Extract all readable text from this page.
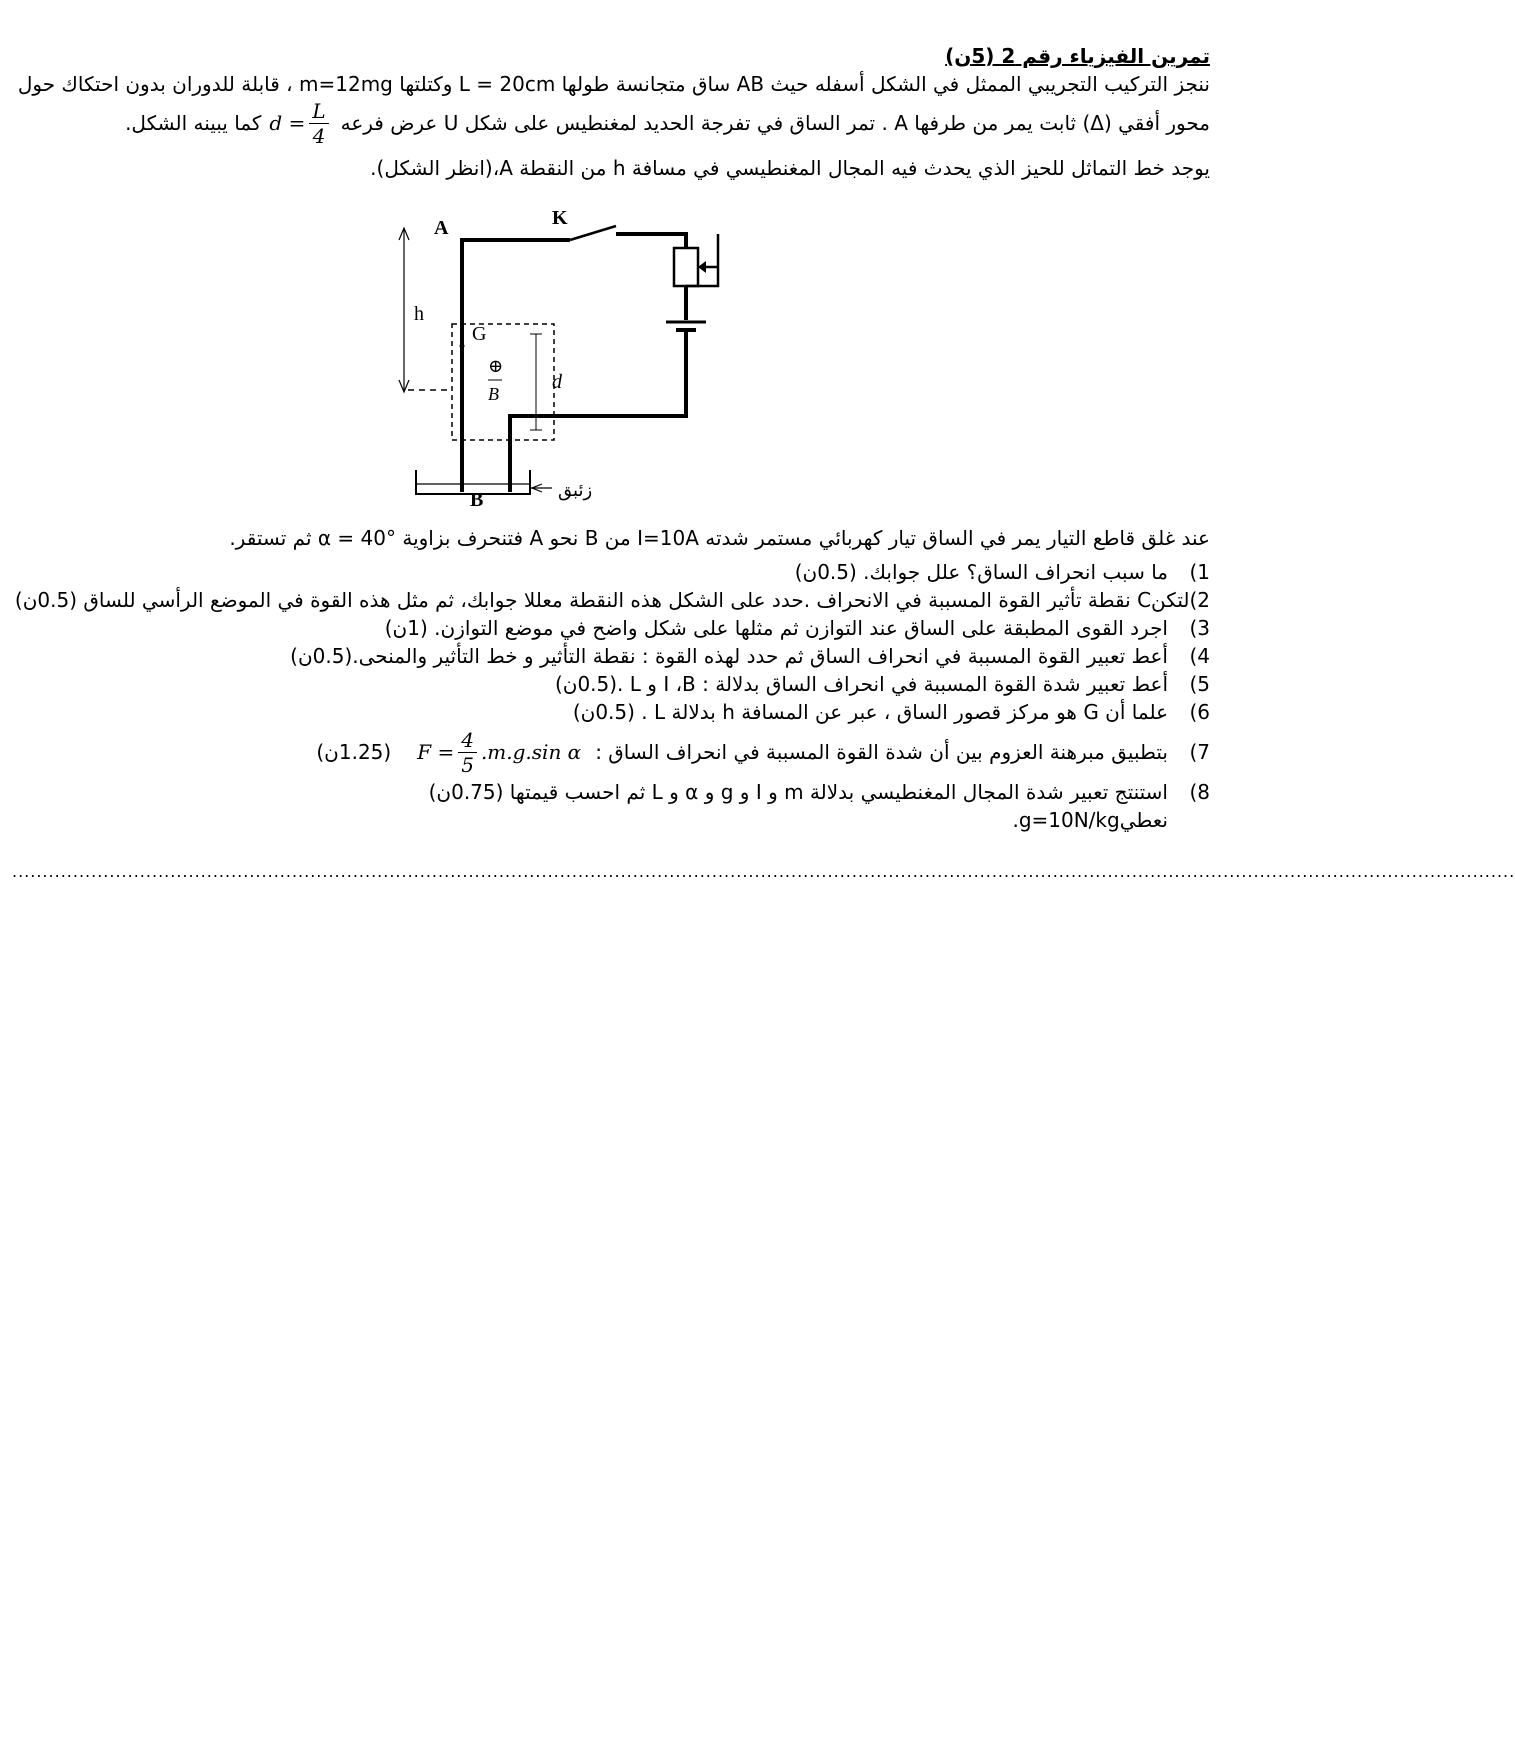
تمرين الفيزياء رقم 2 (5ن)
ننجز التركيب التجريبي الممثل في الشكل أسفله حيث AB ساق متجانسة طولها L = 20cm وكتلتها m=12mg ، قابلة للدوران بدون احتكاك حول
محور أفقي (Δ) ثابت يمر من طرفها A . تمر الساق في تفرجة الحديد لمغنطيس على شكل U عرض فرعه
$d = \frac{L}{4}$
كما يبينه الشكل.
يوجد خط التماثل للحيز الذي يحدث فيه المجال المغنطيسي في مسافة h من النقطة A،(انظر الشكل).
h
زئبق
d
A	K
G
⊕
B
B
عند غلق قاطع التيار يمر في الساق تيار كهربائي مستمر شدته I=10A من B نحو A فتنحرف بزاوية α = 40° ثم تستقر.
1)
ما سبب انحراف الساق؟ علل جوابك. (0.5ن)
2)
لتكنC نقطة تأثير القوة المسببة في الانحراف .حدد على الشكل هذه النقطة معللا جوابك، ثم مثل هذه القوة في الموضع الرأسي للساق (0.5ن)
3)
اجرد القوى المطبقة على الساق عند التوازن ثم مثلها على شكل واضح في موضع التوازن. (1ن)
4)
أعط تعبير القوة المسببة في انحراف الساق ثم حدد لهذه القوة : نقطة التأثير و خط التأثير والمنحى.(0.5ن)
5)
أعط تعبير شدة القوة المسببة في انحراف الساق بدلالة : I ،B و L .(0.5ن)
6)
علما أن G هو مركز قصور الساق ، عبر عن المسافة h بدلالة L . (0.5ن)
7)
بتطبيق مبرهنة العزوم بين أن شدة القوة المسببة في انحراف الساق :
$F = \frac{4}{5} .m.g.\sin$ α
(1.25ن)
8)
استنتج تعبير شدة المجال المغنطيسي بدلالة m و I و g و α و L ثم احسب قيمتها (0.75ن)
نعطيg=10N/kg.
.......................................................................................................................................................................................................................................................
